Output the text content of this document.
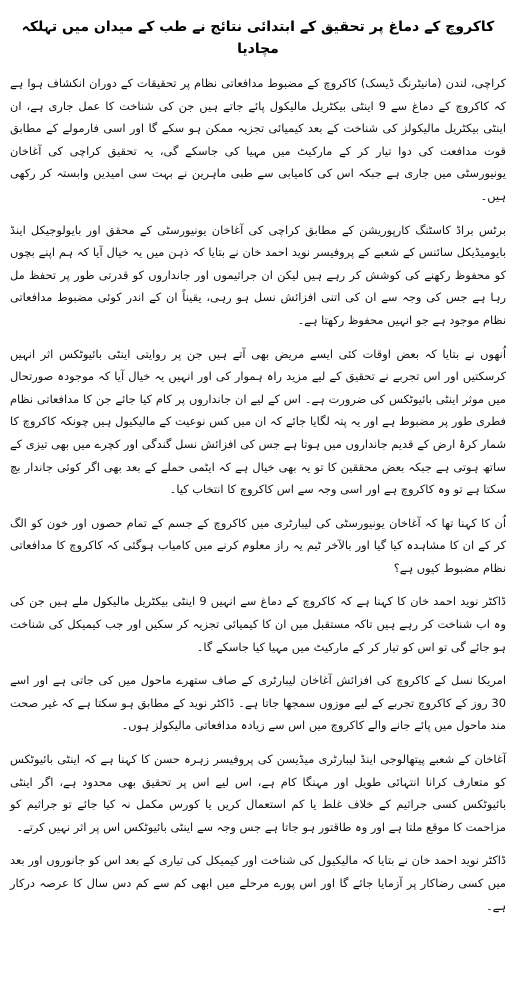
کاکروچ کے دماغ پر تحقیق کے ابتدائی نتائج نے طب کے میدان میں تہلکہ مچادیا

کراچی، لندن (مانیٹرنگ ڈیسک) کاکروچ کے مضبوط مدافعاتی نظام پر تحقیقات کے دوران انکشاف ہوا ہے کہ کاکروچ کے دماغ سے 9 اینٹی بیکٹریل مالیکول پائے جاتے ہیں جن کی شناخت کا عمل جاری ہے، ان اینٹی بیکٹریل مالیکولز کی شناخت کے بعد کیمیائی تجزیہ ممکن ہو سکے گا اور اسی فارمولے کے مطابق قوت مدافعت کی دوا تیار کر کے مارکیٹ میں مہیا کی جاسکے گی، یہ تحقیق کراچی کی آغاخان یونیورسٹی میں جاری ہے جبکہ اس کی کامیابی سے طبی ماہرین نے بہت سی امیدیں وابستہ کر رکھی ہیں۔

برٹس براڈ کاسٹنگ کارپوریشن کے مطابق کراچی کی آغاخان یونیورسٹی کے محقق اور بایولوجیکل اینڈ بایومیڈیکل سائنس کے شعبے کے پروفیسر نوید احمد خان نے بتایا کہ ذہن میں یہ خیال آیا کہ ہم اپنے بچوں کو محفوظ رکھنے کی کوشش کر رہے ہیں لیکن ان جراثیموں اور جانداروں کو قدرتی طور پر تحفظ مل رہا ہے جس کی وجہ سے ان کی اتنی افزائش نسل ہو رہی، یقیناً ان کے اندر کوئی مضبوط مدافعاتی نظام موجود ہے جو انہیں محفوظ رکھتا ہے۔

اُنھوں نے بتایا کہ بعض اوقات کئی ایسے مریض بھی آتے ہیں جن پر روایتی اینٹی بائیوٹکس اثر انہیں کرسکتیں اور اس تجربے نے تحقیق کے لیے مزید راہ ہموار کی اور انہیں یہ خیال آیا کہ موجودہ صورتحال میں موثر اینٹی بائیوٹکس کی ضرورت ہے۔ اس کے لیے ان جانداروں پر کام کیا جائے جن کا مدافعاتی نظام فطری طور پر مضبوط ہے اور یہ پتہ لگایا جائے کہ ان میں کس نوعیت کے مالیکیول ہیں چونکہ کاکروچ کا شمار کرۂ ارض کے قدیم جانداروں میں ہوتا ہے جس کی افزائش نسل گندگی اور کچرے میں بھی تیزی کے ساتھ ہوتی ہے جبکہ بعض محققین کا تو یہ بھی خیال ہے کہ ایٹمی حملے کے بعد بھی اگر کوئی جاندار بچ سکتا ہے تو وہ کاکروچ ہے اور اسی وجہ سے اس کاکروچ کا انتخاب کیا۔

اُن کا کہنا تھا کہ آغاخان یونیورسٹی کی لیبارٹری میں کاکروچ کے جسم کے تمام حصوں اور خون کو الگ کر کے ان کا مشاہدہ کیا گیا اور بالآخر ٹیم یہ راز معلوم کرنے میں کامیاب ہوگئی کہ کاکروچ کا مدافعاتی نظام مضبوط کیوں ہے؟

ڈاکٹر نوید احمد خان کا کہنا ہے کہ کاکروچ کے دماغ سے انہیں 9 اینٹی بیکٹریل مالیکول ملے ہیں جن کی وہ اب شناخت کر رہے ہیں تاکہ مستقبل میں ان کا کیمیائی تجزیہ کر سکیں اور جب کیمیکل کی شناخت ہو جائے گی تو اس کو تیار کر کے مارکیٹ میں مہیا کیا جاسکے گا۔

امریکا نسل کے کاکروچ کی افزائش آغاخان لیبارٹری کے صاف ستھرے ماحول میں کی جاتی ہے اور اسے 30 روز کے کاکروچ تجربے کے لیے موزوں سمجھا جاتا ہے۔ ڈاکٹر نوید کے مطابق ہو سکتا ہے کہ غیر صحت مند ماحول میں پائے جانے والے کاکروچ میں اس سے زیادہ مدافعاتی مالیکولز ہوں۔

آغاخان کے شعبے پیتھالوجی اینڈ لیبارٹری میڈیسن کی پروفیسر زہرہ حسن کا کہنا ہے کہ اینٹی بائیوٹکس کو متعارف کرانا انتہائی طویل اور مہنگا کام ہے، اس لیے اس پر تحقیق بھی محدود ہے، اگر اینٹی بائیوٹکس کسی جراثیم کے خلاف غلط یا کم استعمال کریں یا کورس مکمل نہ کیا جائے تو جراثیم کو مزاحمت کا موقع ملتا ہے اور وہ طاقتور ہو جاتا ہے جس وجہ سے اینٹی بائیوٹکس اس پر اثر نہیں کرتے۔

ڈاکٹر نوید احمد خان نے بتایا کہ مالیکیول کی شناخت اور کیمیکل کی تیاری کے بعد اس کو جانوروں اور بعد میں کسی رضاکار پر آزمایا جائے گا اور اس پورے مرحلے میں ابھی کم سے کم دس سال کا عرصہ درکار ہے۔
